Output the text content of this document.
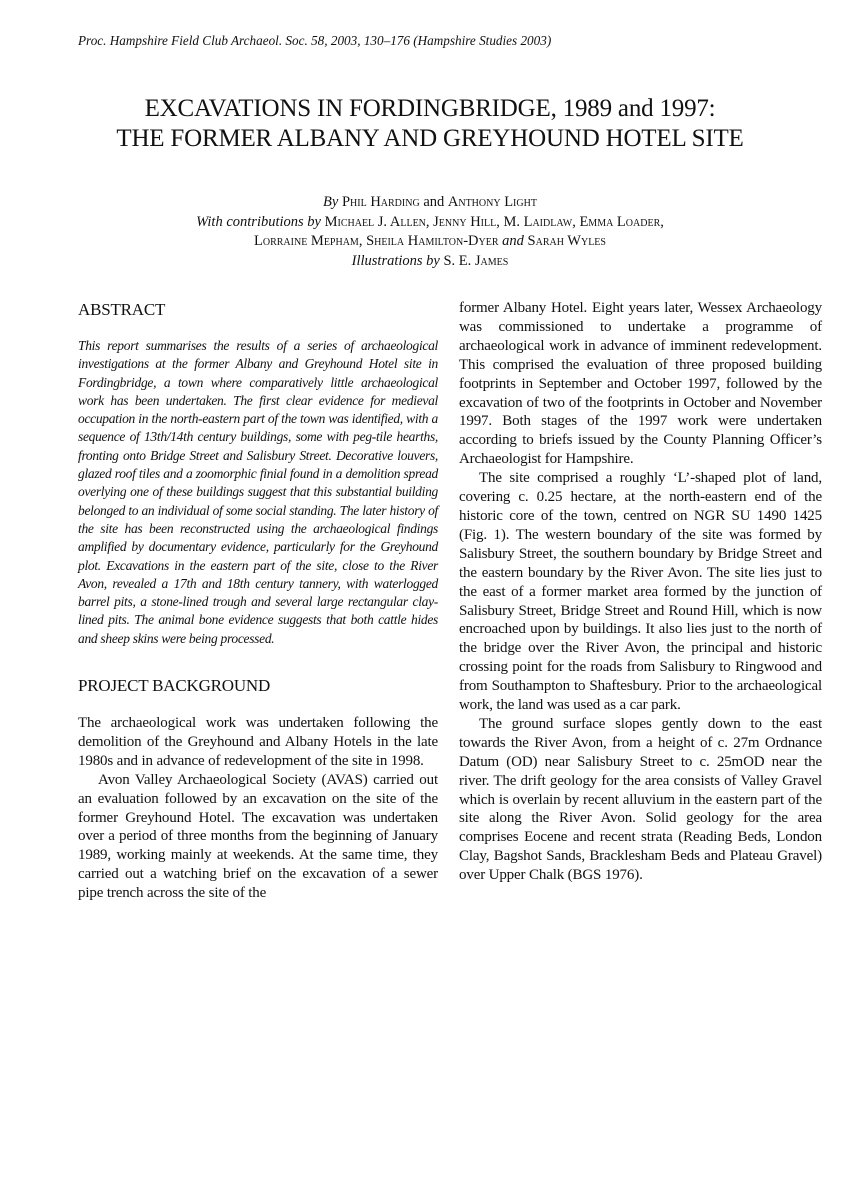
Proc. Hampshire Field Club Archaeol. Soc. 58, 2003, 130–176 (Hampshire Studies 2003)
EXCAVATIONS IN FORDINGBRIDGE, 1989 and 1997:
THE FORMER ALBANY AND GREYHOUND HOTEL SITE
By Phil Harding and Anthony Light
With contributions by Michael J. Allen, Jenny Hill, M. Laidlaw, Emma Loader,
Lorraine Mepham, Sheila Hamilton-Dyer and Sarah Wyles
Illustrations by S. E. James
ABSTRACT

This report summarises the results of a series of archaeological investigations at the former Albany and Greyhound Hotel site in Fordingbridge, a town where comparatively little archaeological work has been undertaken. The first clear evidence for medieval occupation in the north-eastern part of the town was identified, with a sequence of 13th/14th century buildings, some with peg-tile hearths, fronting onto Bridge Street and Salisbury Street. Decorative louvers, glazed roof tiles and a zoomorphic finial found in a demolition spread overlying one of these buildings suggest that this substantial building belonged to an individual of some social standing. The later history of the site has been reconstructed using the archaeological findings amplified by documentary evidence, particularly for the Greyhound plot. Excavations in the eastern part of the site, close to the River Avon, revealed a 17th and 18th century tannery, with waterlogged barrel pits, a stone-lined trough and several large rectangular clay-lined pits. The animal bone evidence suggests that both cattle hides and sheep skins were being processed.

PROJECT BACKGROUND

The archaeological work was undertaken following the demolition of the Greyhound and Albany Hotels in the late 1980s and in advance of redevelopment of the site in 1998.

Avon Valley Archaeological Society (AVAS) carried out an evaluation followed by an excavation on the site of the former Greyhound Hotel. The excavation was undertaken over a period of three months from the beginning of January 1989, working mainly at weekends. At the same time, they carried out a watching brief on the excavation of a sewer pipe trench across the site of the

former Albany Hotel. Eight years later, Wessex Archaeology was commissioned to undertake a programme of archaeological work in advance of imminent redevelopment. This comprised the evaluation of three proposed building footprints in September and October 1997, followed by the excavation of two of the footprints in October and November 1997. Both stages of the 1997 work were undertaken according to briefs issued by the County Planning Officer’s Archaeologist for Hampshire.

The site comprised a roughly ‘L’-shaped plot of land, covering c. 0.25 hectare, at the north-eastern end of the historic core of the town, centred on NGR SU 1490 1425 (Fig. 1). The western boundary of the site was formed by Salisbury Street, the southern boundary by Bridge Street and the eastern boundary by the River Avon. The site lies just to the east of a former market area formed by the junction of Salisbury Street, Bridge Street and Round Hill, which is now encroached upon by buildings. It also lies just to the north of the bridge over the River Avon, the principal and historic crossing point for the roads from Salisbury to Ringwood and from Southampton to Shaftesbury. Prior to the archaeological work, the land was used as a car park.

The ground surface slopes gently down to the east towards the River Avon, from a height of c. 27m Ordnance Datum (OD) near Salisbury Street to c. 25mOD near the river. The drift geology for the area consists of Valley Gravel which is overlain by recent alluvium in the eastern part of the site along the River Avon. Solid geology for the area comprises Eocene and recent strata (Reading Beds, London Clay, Bagshot Sands, Bracklesham Beds and Plateau Gravel) over Upper Chalk (BGS 1976).
